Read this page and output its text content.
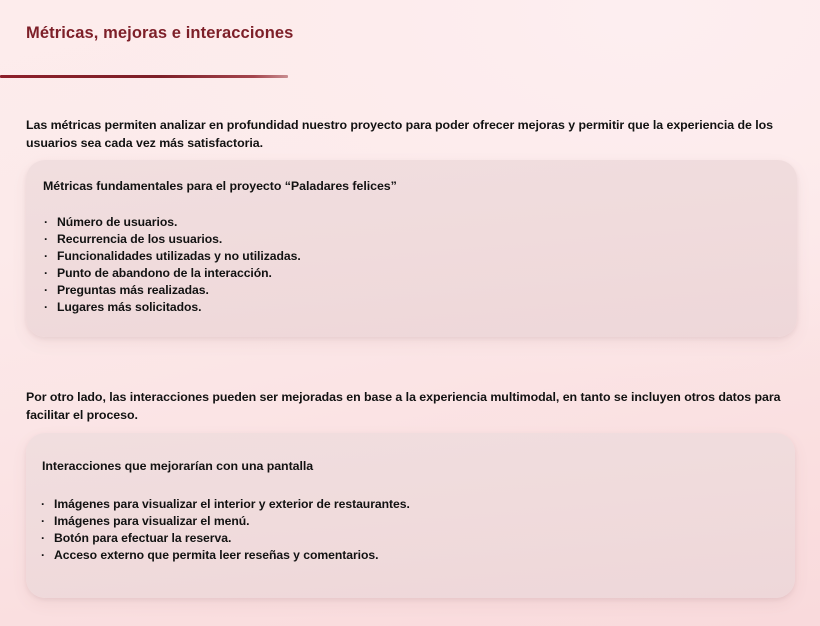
Métricas, mejoras e interacciones

Las métricas permiten analizar en profundidad nuestro proyecto para poder ofrecer mejoras y permitir que la experiencia de los usuarios sea cada vez más satisfactoria.

Métricas fundamentales para el proyecto “Paladares felices”
· Número de usuarios.
· Recurrencia de los usuarios.
· Funcionalidades utilizadas y no utilizadas.
· Punto de abandono de la interacción.
· Preguntas más realizadas.
· Lugares más solicitados.

Por otro lado, las interacciones pueden ser mejoradas en base a la experiencia multimodal, en tanto se incluyen otros datos para facilitar el proceso.

Interacciones que mejorarían con una pantalla
· Imágenes para visualizar el interior y exterior de restaurantes.
· Imágenes para visualizar el menú.
· Botón para efectuar la reserva.
· Acceso externo que permita leer reseñas y comentarios.
